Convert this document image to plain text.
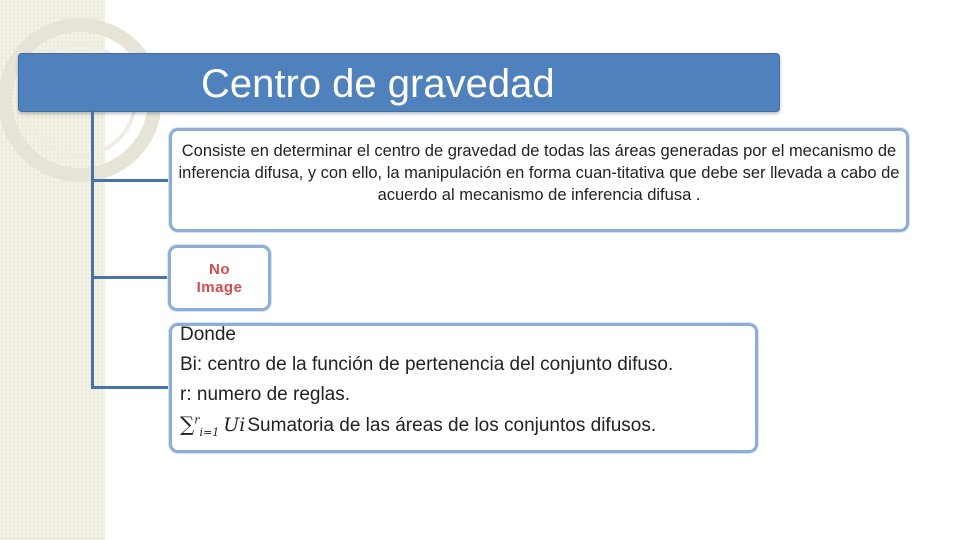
Centro de gravedad
Consiste en determinar el centro de gravedad de todas las áreas generadas por el mecanismo de inferencia difusa, y con ello, la manipulación en forma cuan-titativa que debe ser llevada a cabo de acuerdo al mecanismo de inferencia difusa .
No
Image
Donde
Bi: centro de la función de pertenencia del conjunto difuso.
r: numero de reglas.
∑$^r_{i=1}$ Ui Sumatoria de las áreas de los conjuntos difusos.
